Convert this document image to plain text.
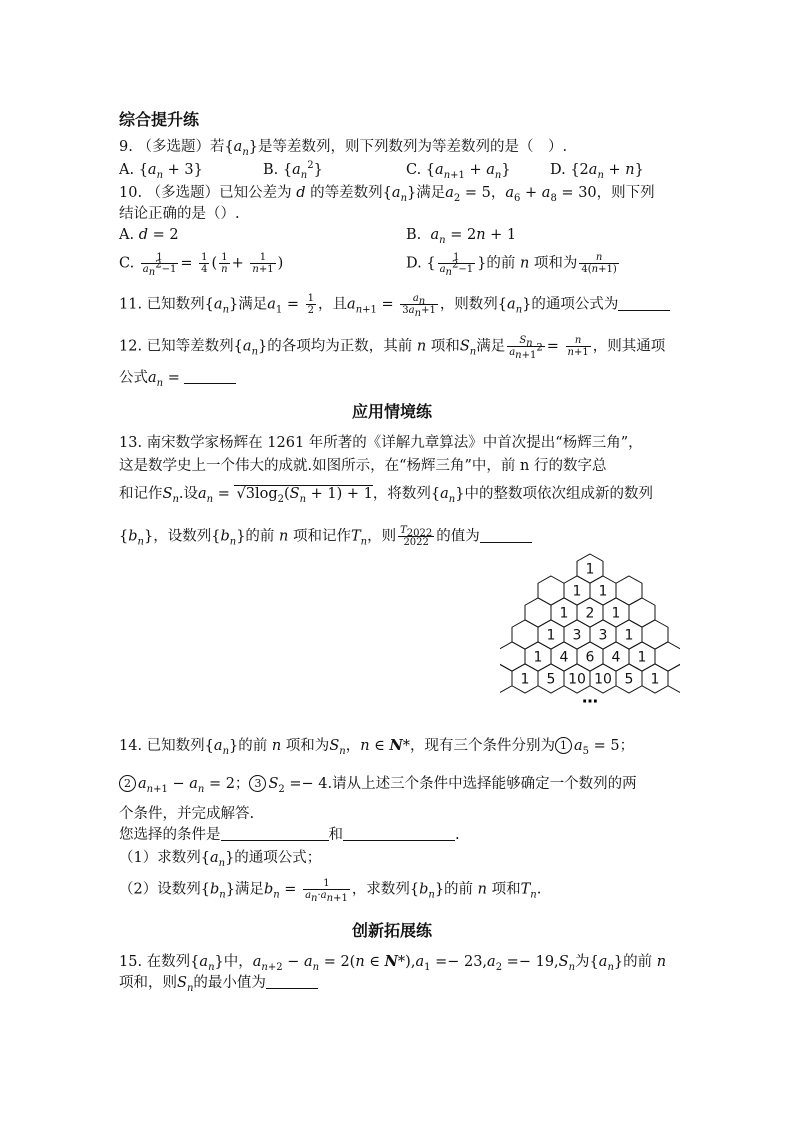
综合提升练
9. （多选题）若$\{a_n\}$是等差数列，则下列数列为等差数列的是（　）.
A. $\{a_n + 3\}$	B. $\{a_n^2\}$	C. $\{a_{n+1} + a_n\}$	D. $\{2a_n + n\}$
10. （多选题）已知公差为 d 的等差数列$\{a_n\}$满足$a_2 = 5$，$a_6 + a_8 = 30$，则下列
结论正确的是（）.
A. d = 2	B.  $a_n = 2n + 1$
C. $\frac{1}{a_n^2-1} = \frac{1}{4}$ ( $\frac{1}{n} + \frac{1}{n+1}$ )	D. { $\frac{1}{a_n^2-1}$ }的前 n 项和为 $\frac{n}{4(n+1)}$
11. 已知数列$\{a_n\}$满足$a_1 = \frac{1}{2}$ ，且$a_{n+1} = \frac{a_n}{3a_n+1}$ ，则数列$\{a_n\}$的通项公式为
12. 已知等差数列$\{a_n\}$的各项均为正数，其前 n 项和$S_n$满足 $\frac{S_n}{a_{n+1}^2} = \frac{n}{n+1}$ ，则其通项
公式$a_n$ =
应用情境练
13. 南宋数学家杨辉在 1261 年所著的《详解九章算法》中首次提出“杨辉三角”，
这是数学史上一个伟大的成就.如图所示，在“杨辉三角”中，前 n 行的数字总
和记作$S_n$.设$a_n = √3\log_2(S_n + 1) + 1$，将数列$\{a_n\}$中的整数项依次组成新的数列
$\{b_n\}$，设数列$\{b_n\}$的前 n 项和记作$T_n$，则 $\frac{T_{2022}}{2022}$ 的值为
1
1 1
1 2 1
1 3 3 1
1 4 6 4 1
1 5 10 10 5 1
…
14. 已知数列$\{a_n\}$的前 n 项和为$S_n$，n ∈ N*，现有三个条件分别为 1 $a_5 = 5$；
2 $a_{n+1} - a_n = 2$； 3 $S_2 =- 4$.请从上述三个条件中选择能够确定一个数列的两
个条件，并完成解答.
您选择的条件是	和	.
（1）求数列$\{a_n\}$的通项公式；
（2）设数列$\{b_n\}$满足$b_n = \frac{1}{a_n\cdot a_{n+1}}$ ，求数列$\{b_n\}$的前 n 项和$T_n$.
创新拓展练
15. 在数列$\{a_n\}$中，$a_{n+2} - a_n = 2(n$ ∈ $N*),a_1 =- 23,a_2 =- 19,S_n$为$\{a_n\}$的前 n
项和，则$S_n$的最小值为
